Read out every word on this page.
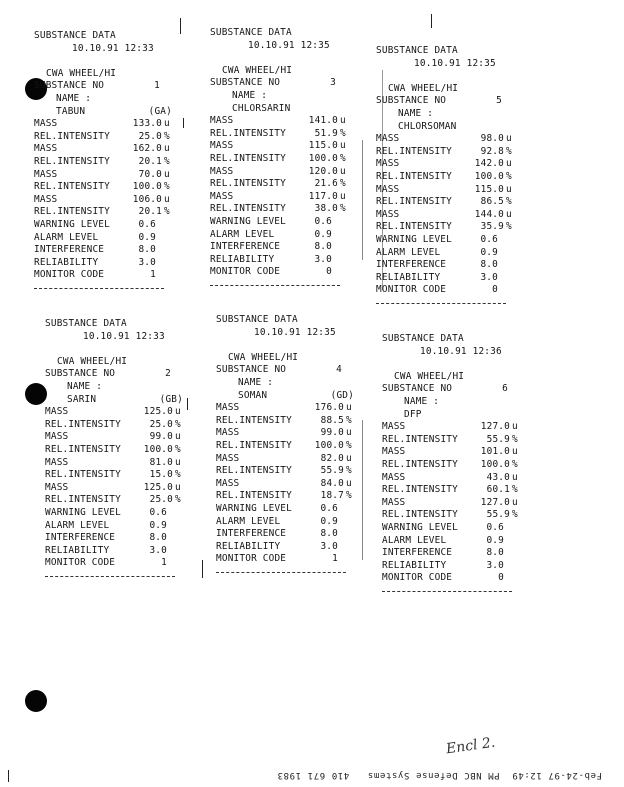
SUBSTANCE DATA
10.10.91 12:33
CWA WHEEL/HI
SUBSTANCE NO	1
NAME :
TABUN	(GA)
MASS	133.0 u
REL.INTENSITY	25.0 %
MASS	162.0 u
REL.INTENSITY	20.1 %
MASS	70.0 u
REL.INTENSITY	100.0 %
MASS	106.0 u
REL.INTENSITY	20.1 %
WARNING LEVEL	0.6
ALARM LEVEL	0.9
INTERFERENCE	8.0
RELIABILITY	3.0
MONITOR CODE	1
SUBSTANCE DATA
10.10.91 12:35
CWA WHEEL/HI
SUBSTANCE NO	3
NAME :
CHLORSARIN
MASS	141.0 u
REL.INTENSITY	51.9 %
MASS	115.0 u
REL.INTENSITY	100.0 %
MASS	120.0 u
REL.INTENSITY	21.6 %
MASS	117.0 u
REL.INTENSITY	38.0 %
WARNING LEVEL	0.6
ALARM LEVEL	0.9
INTERFERENCE	8.0
RELIABILITY	3.0
MONITOR CODE	0
SUBSTANCE DATA
10.10.91 12:35
CWA WHEEL/HI
SUBSTANCE NO	5
NAME :
CHLORSOMAN
MASS	98.0 u
REL.INTENSITY	92.8 %
MASS	142.0 u
REL.INTENSITY	100.0 %
MASS	115.0 u
REL.INTENSITY	86.5 %
MASS	144.0 u
REL.INTENSITY	35.9 %
WARNING LEVEL	0.6
ALARM LEVEL	0.9
INTERFERENCE	8.0
RELIABILITY	3.0
MONITOR CODE	0
SUBSTANCE DATA
10.10.91 12:33
CWA WHEEL/HI
SUBSTANCE NO	2
NAME :
SARIN	(GB)
MASS	125.0 u
REL.INTENSITY	25.0 %
MASS	99.0 u
REL.INTENSITY	100.0 %
MASS	81.0 u
REL.INTENSITY	15.0 %
MASS	125.0 u
REL.INTENSITY	25.0 %
WARNING LEVEL	0.6
ALARM LEVEL	0.9
INTERFERENCE	8.0
RELIABILITY	3.0
MONITOR CODE	1
SUBSTANCE DATA
10.10.91 12:35
CWA WHEEL/HI
SUBSTANCE NO	4
NAME :
SOMAN	(GD)
MASS	176.0 u
REL.INTENSITY	88.5 %
MASS	99.0 u
REL.INTENSITY	100.0 %
MASS	82.0 u
REL.INTENSITY	55.9 %
MASS	84.0 u
REL.INTENSITY	18.7 %
WARNING LEVEL	0.6
ALARM LEVEL	0.9
INTERFERENCE	8.0
RELIABILITY	3.0
MONITOR CODE	1
SUBSTANCE DATA
10.10.91 12:36
CWA WHEEL/HI
SUBSTANCE NO	6
NAME :
DFP
MASS	127.0 u
REL.INTENSITY	55.9 %
MASS	101.0 u
REL.INTENSITY	100.0 %
MASS	43.0 u
REL.INTENSITY	60.1 %
MASS	127.0 u
REL.INTENSITY	55.9 %
WARNING LEVEL	0.6
ALARM LEVEL	0.9
INTERFERENCE	8.0
RELIABILITY	3.0
MONITOR CODE	0
Encl 2.
Feb-24-97 12:49  PM NBC Defense Systems   410 671 1983
